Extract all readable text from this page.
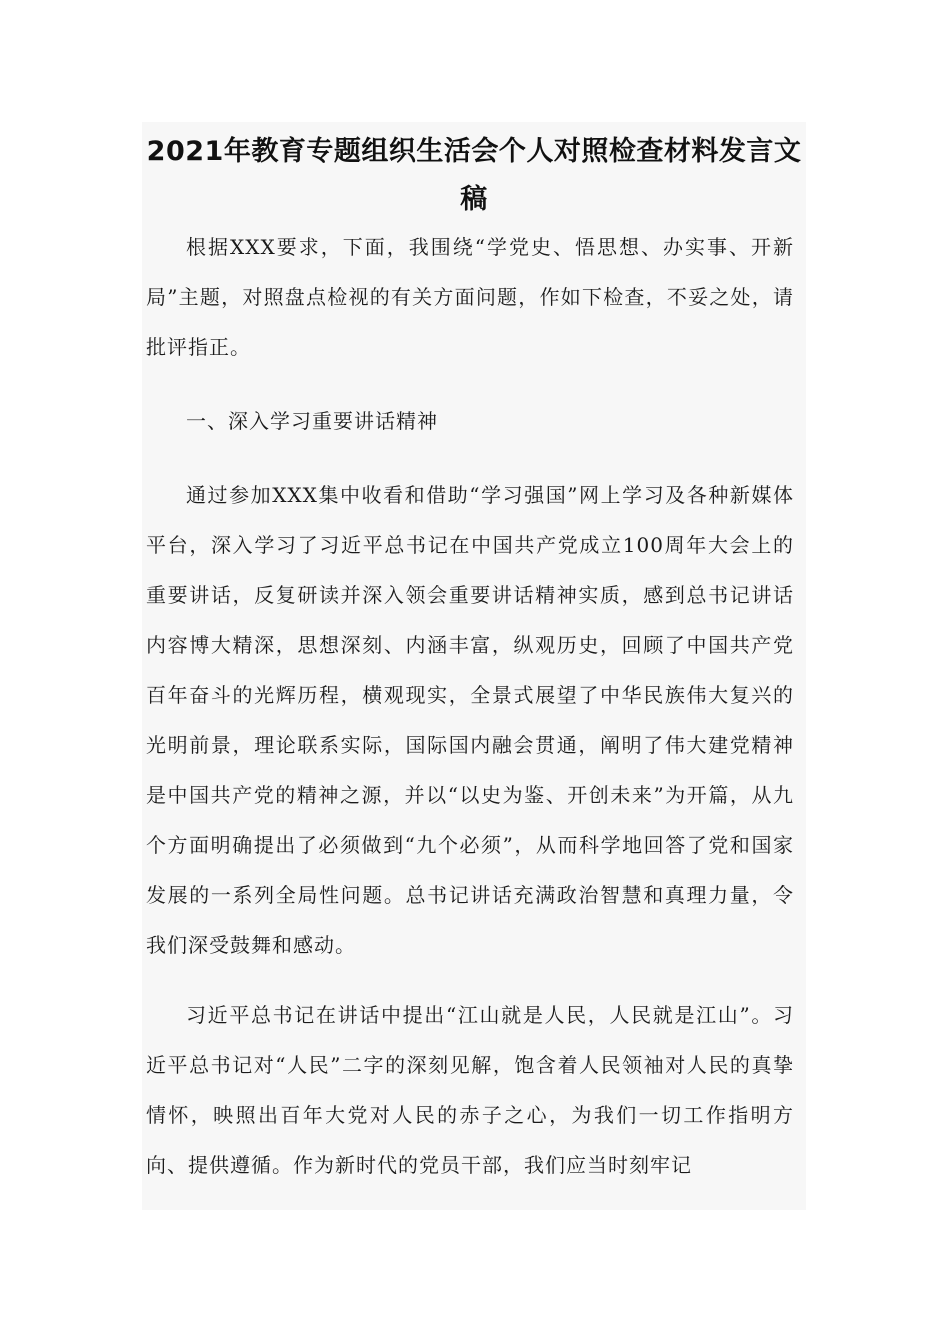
2021年教育专题组织生活会个人对照检查材料发言文稿

根据XXX要求，下面，我围绕“学党史、悟思想、办实事、开新局”主题，对照盘点检视的有关方面问题，作如下检查，不妥之处，请批评指正。

一、深入学习重要讲话精神

通过参加XXX集中收看和借助“学习强国”网上学习及各种新媒体平台，深入学习了习近平总书记在中国共产党成立100周年大会上的重要讲话，反复研读并深入领会重要讲话精神实质，感到总书记讲话内容博大精深，思想深刻、内涵丰富，纵观历史，回顾了中国共产党百年奋斗的光辉历程，横观现实，全景式展望了中华民族伟大复兴的光明前景，理论联系实际，国际国内融会贯通，阐明了伟大建党精神是中国共产党的精神之源，并以“以史为鉴、开创未来”为开篇，从九个方面明确提出了必须做到“九个必须”，从而科学地回答了党和国家发展的一系列全局性问题。总书记讲话充满政治智慧和真理力量，令我们深受鼓舞和感动。

习近平总书记在讲话中提出“江山就是人民，人民就是江山”。习近平总书记对“人民”二字的深刻见解，饱含着人民领袖对人民的真挚情怀，映照出百年大党对人民的赤子之心，为我们一切工作指明方向、提供遵循。作为新时代的党员干部，我们应当时刻牢记
